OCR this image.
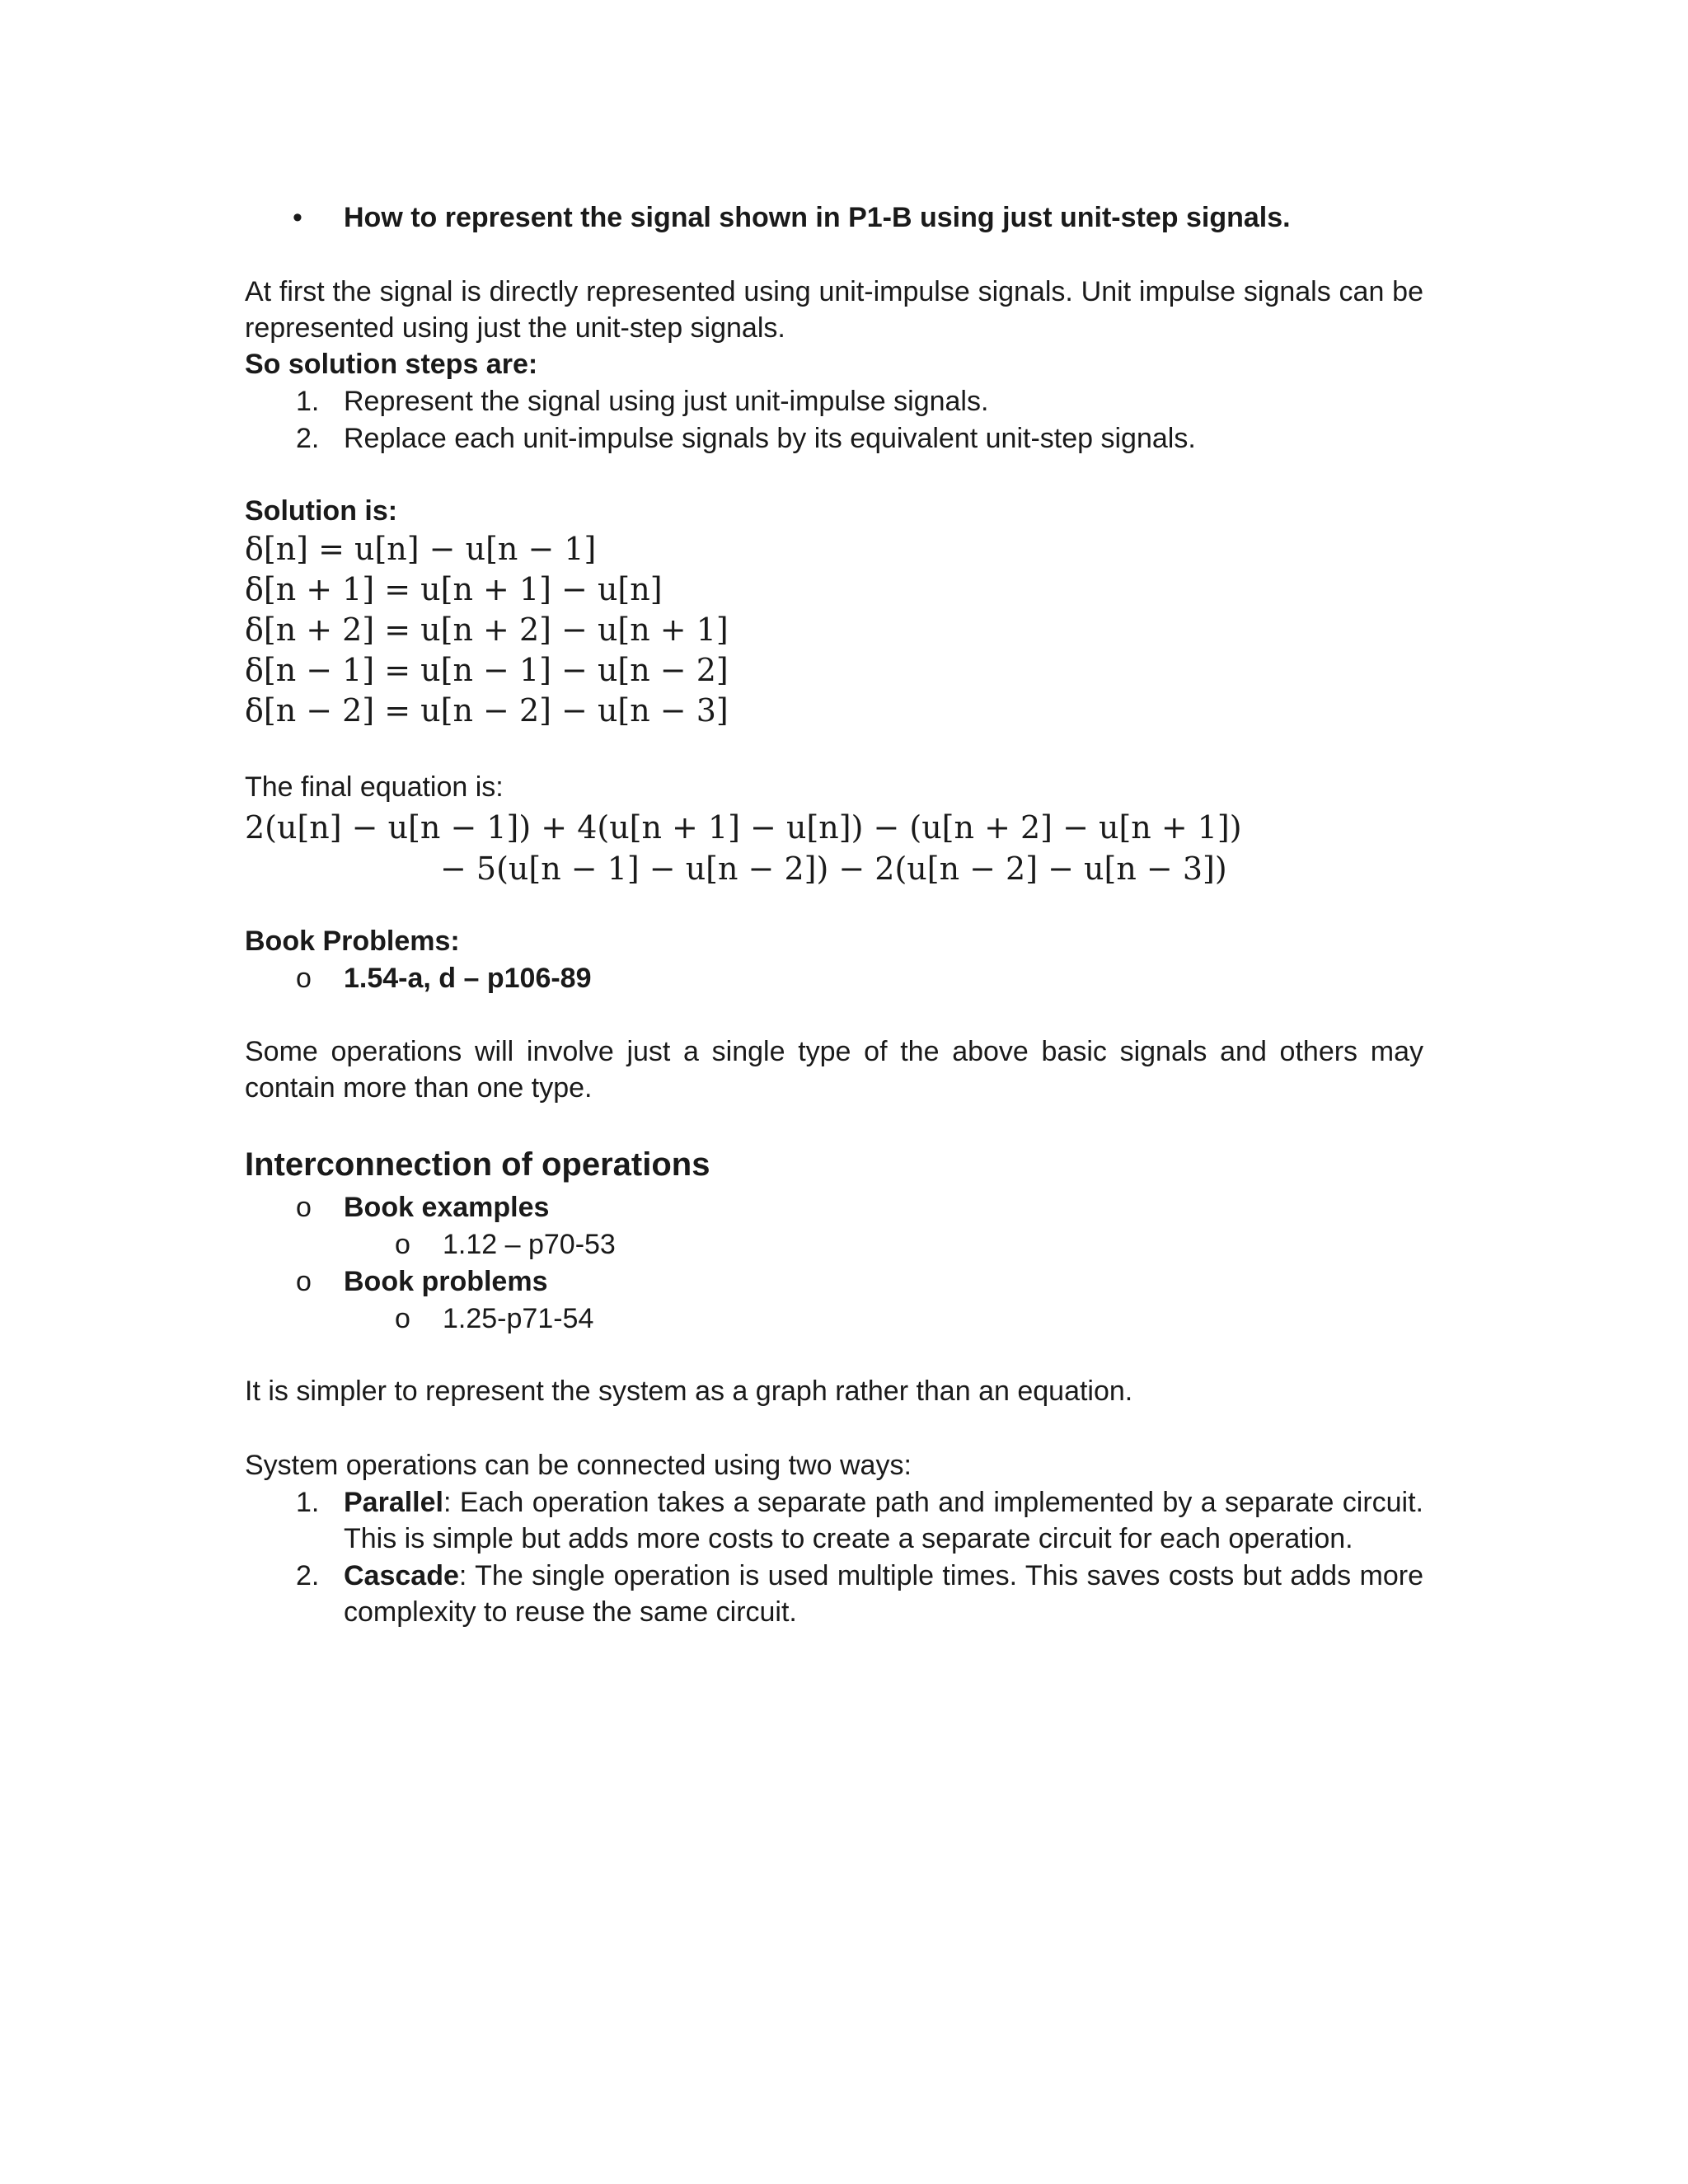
• How to represent the signal shown in P1-B using just unit-step signals.
At first the signal is directly represented using unit-impulse signals. Unit impulse signals can be represented using just the unit-step signals.
So solution steps are:
1. Represent the signal using just unit-impulse signals.
2. Replace each unit-impulse signals by its equivalent unit-step signals.
Solution is:
δ[n] = u[n] − u[n − 1]
δ[n + 1] = u[n + 1] − u[n]
δ[n + 2] = u[n + 2] − u[n + 1]
δ[n − 1] = u[n − 1] − u[n − 2]
δ[n − 2] = u[n − 2] − u[n − 3]
The final equation is:
2(u[n] − u[n − 1]) + 4(u[n + 1] − u[n]) − (u[n + 2] − u[n + 1])
− 5(u[n − 1] − u[n − 2]) − 2(u[n − 2] − u[n − 3])
Book Problems:
o 1.54-a, d – p106-89
Some operations will involve just a single type of the above basic signals and others may contain more than one type.
Interconnection of operations
o Book examples
o 1.12 – p70-53
o Book problems
o 1.25-p71-54
It is simpler to represent the system as a graph rather than an equation.
System operations can be connected using two ways:
1. Parallel: Each operation takes a separate path and implemented by a separate circuit. This is simple but adds more costs to create a separate circuit for each operation.
2. Cascade: The single operation is used multiple times. This saves costs but adds more complexity to reuse the same circuit.
